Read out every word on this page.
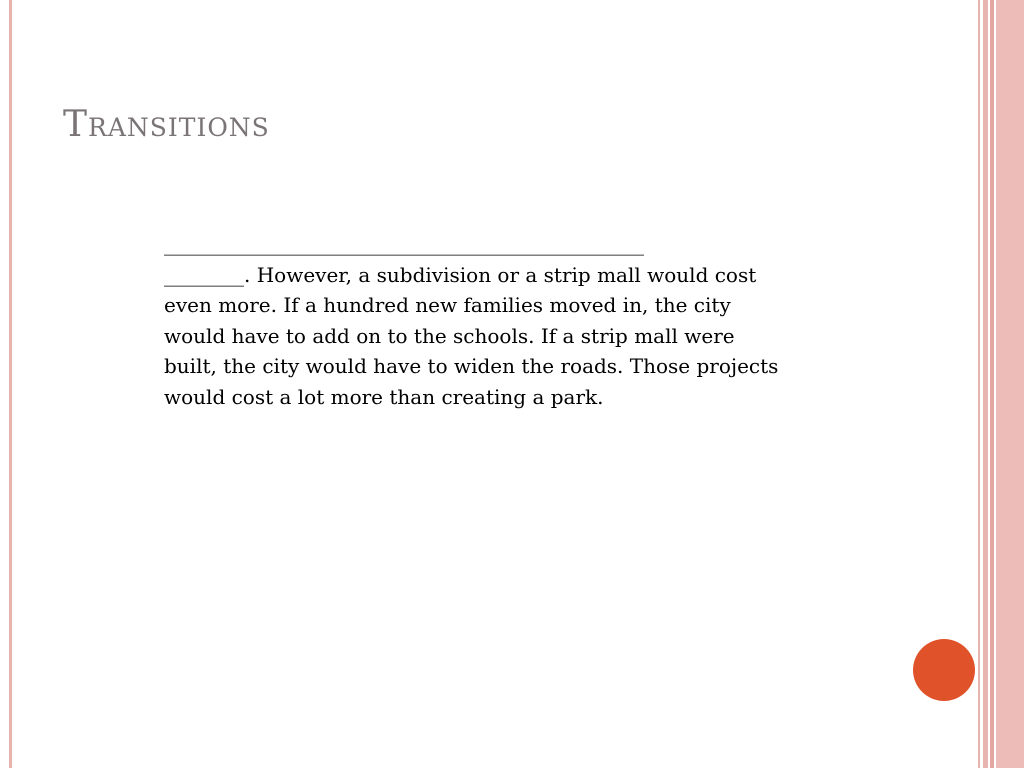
Transitions

________________________________________________
________. However, a subdivision or a strip mall would cost
even more. If a hundred new families moved in, the city
would have to add on to the schools. If a strip mall were
built, the city would have to widen the roads. Those projects
would cost a lot more than creating a park.
